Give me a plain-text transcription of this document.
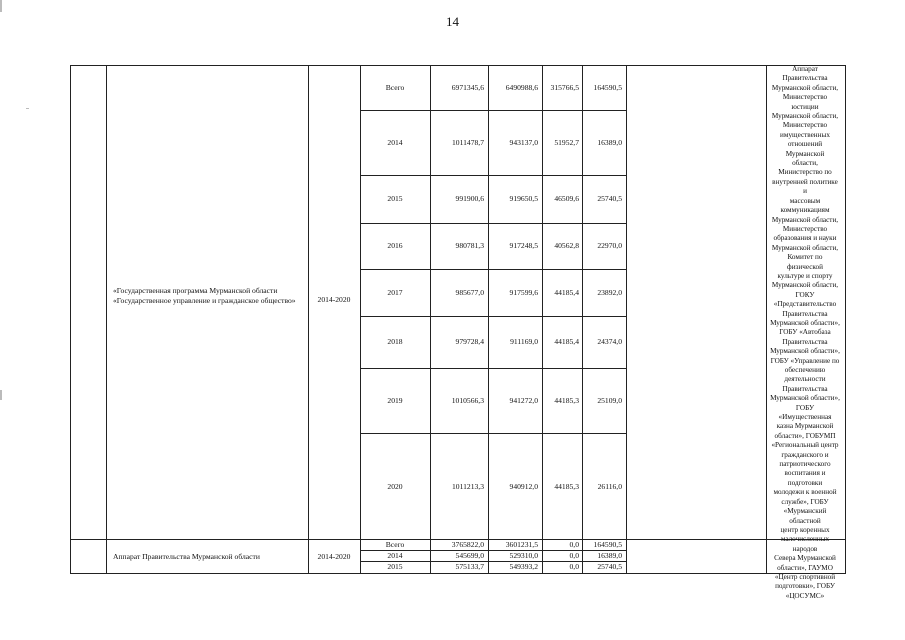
14
«Государственная программа Мурманской области «Государственное управление и гражданское общество»	2014-2020
Всего	6971345,6	6490988,6	315766,5	164590,5
2014	1011478,7	943137,0	51952,7	16389,0
2015	991900,6	919650,5	46509,6	25740,5
2016	980781,3	917248,5	40562,8	22970,0
2017	985677,0	917599,6	44185,4	23892,0
2018	979728,4	911169,0	44185,4	24374,0
2019	1010566,3	941272,0	44185,3	25109,0
2020	1011213,3	940912,0	44185,3	26116,0
Аппарат Правительства
Мурманской области,
Министерство юстиции
Мурманской области,
Министерство
имущественных
отношений Мурманской
области,
Министерство по
внутренней политике и
массовым
коммуникациям
Мурманской области,
Министерство
образования и науки
Мурманской области,
Комитет по физической
культуре и спорту
Мурманской области,
ГОКУ
«Представительство
Правительства
Мурманской области»,
ГОБУ «Автобаза
Правительства
Мурманской области»,
ГОБУ «Управление по
обеспечению
деятельности
Правительства
Мурманской области»,
ГОБУ «Имущественная
казна Мурманской
области», ГОБУМП
«Региональный центр
гражданского и
патриотического
воспитания и подготовки
молодежи к военной
службе», ГОБУ
«Мурманский областной
центр коренных
малочисленных народов
Севера Мурманской
области», ГАУМО
«Центр спортивной
подготовки», ГОБУ
«ЦОСУМС»
Аппарат Правительства Мурманской области	2014-2020
Всего	3765822,0	3601231,5	0,0	164590,5
2014	545699,0	529310,0	0,0	16389,0
2015	575133,7	549393,2	0,0	25740,5
